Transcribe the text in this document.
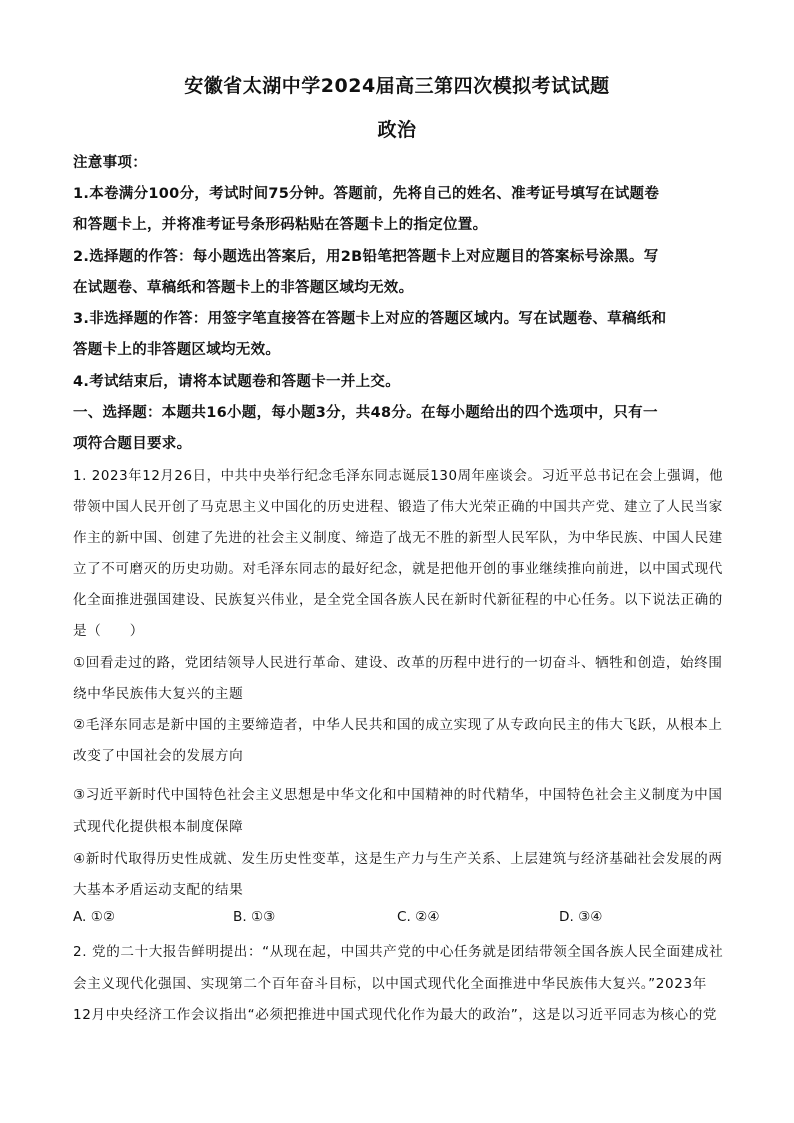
安徽省太湖中学2024届高三第四次模拟考试试题
政治
注意事项：
1.本卷满分100分，考试时间75分钟。答题前，先将自己的姓名、准考证号填写在试题卷
和答题卡上，并将准考证号条形码粘贴在答题卡上的指定位置。
2.选择题的作答：每小题选出答案后，用2B铅笔把答题卡上对应题目的答案标号涂黑。写
在试题卷、草稿纸和答题卡上的非答题区域均无效。
3.非选择题的作答：用签字笔直接答在答题卡上对应的答题区域内。写在试题卷、草稿纸和
答题卡上的非答题区域均无效。
4.考试结束后，请将本试题卷和答题卡一并上交。
一、选择题：本题共16小题，每小题3分，共48分。在每小题给出的四个选项中，只有一
项符合题目要求。
1. 2023年12月26日，中共中央举行纪念毛泽东同志诞辰130周年座谈会。习近平总书记在会上强调，他
带领中国人民开创了马克思主义中国化的历史进程、锻造了伟大光荣正确的中国共产党、建立了人民当家
作主的新中国、创建了先进的社会主义制度、缔造了战无不胜的新型人民军队，为中华民族、中国人民建
立了不可磨灭的历史功勋。对毛泽东同志的最好纪念，就是把他开创的事业继续推向前进，以中国式现代
化全面推进强国建设、民族复兴伟业，是全党全国各族人民在新时代新征程的中心任务。以下说法正确的
是（　　）
①回看走过的路，党团结领导人民进行革命、建设、改革的历程中进行的一切奋斗、牺牲和创造，始终围
绕中华民族伟大复兴的主题
②毛泽东同志是新中国的主要缔造者，中华人民共和国的成立实现了从专政向民主的伟大飞跃，从根本上
改变了中国社会的发展方向
③习近平新时代中国特色社会主义思想是中华文化和中国精神的时代精华，中国特色社会主义制度为中国
式现代化提供根本制度保障
④新时代取得历史性成就、发生历史性变革，这是生产力与生产关系、上层建筑与经济基础社会发展的两
大基本矛盾运动支配的结果
A. ①②	B. ①③	C. ②④	D. ③④
2. 党的二十大报告鲜明提出：“从现在起，中国共产党的中心任务就是团结带领全国各族人民全面建成社
会主义现代化强国、实现第二个百年奋斗目标，以中国式现代化全面推进中华民族伟大复兴。”2023年
12月中央经济工作会议指出“必须把推进中国式现代化作为最大的政治”，这是以习近平同志为核心的党
